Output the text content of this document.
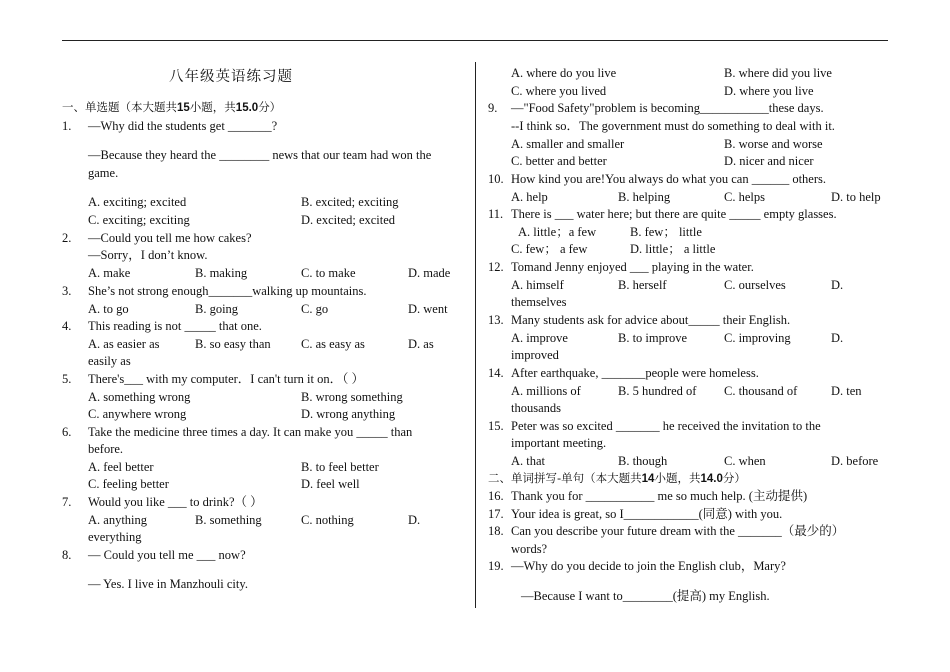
八年级英语练习题
一、单选题（本大题共15小题，共15.0分）
1. —Why did the students get _______?
—Because they heard the ________ news that our team had won the
game.
A. exciting; excited	B. excited; exciting
C. exciting; exciting	D. excited; excited
2. —Could you tell me how cakes?
—Sorry，I don’t know.
A. make	B. making	C. to make	D. made
3. She’s not strong enough_______walking up mountains.
A. to go	B. going	C. go	D. went
4. This reading is not _____ that one.
A. as easier as	B. so easy than C. as easy as	D. as
easily as
5. There's___ with my computer．I can't turn it on．（ ）
A. something wrong	B. wrong something
C. anywhere wrong	D. wrong anything
6. Take the medicine three times a day. It can make you _____ than
before.
A. feel better	B. to feel better
C. feeling better	D. feel well
7. Would you like ___ to drink?（ ）
A. anything	B. something	C. nothing	D.
everything
8. — Could you tell me ___ now?
— Yes. I live in Manzhouli city.
A. where do you live	B. where did you live
C. where you lived	D. where you live
9. —"Food Safety"problem is becoming___________these days.
--I think so．The government must do something to deal with it.
A. smaller and smaller	B. worse and worse
C. better and better	D. nicer and nicer
10. How kind you are!You always do what you can ______ others.
A. help	B. helping	C. helps	D. to help
11. There is ___ water here; but there are quite _____ empty glasses.
A. little；a few	B. few； little
C. few； a few	D. little； a little
12. Tomand Jenny enjoyed ___ playing in the water.
A. himself	B. herself	C. ourselves	D.
themselves
13. Many students ask for advice about_____ their English.
A. improve	B. to improve	C. improving	D.
improved
14. After earthquake, _______people were homeless.
A. millions of	B. 5 hundred of C. thousand of	D. ten
thousands
15. Peter was so excited _______ he received the invitation to the
important meeting.
A. that	B. though	C. when	D. before
二、单词拼写-单句（本大题共14小题，共14.0分）
16. Thank you for ___________ me so much help. (主动提供)
17. Your idea is great, so I____________(同意) with you.
18. Can you describe your future dream with the _______（最少的）
words?
19. —Why do you decide to join the English club，Mary?
—Because I want to________(提高) my English.
